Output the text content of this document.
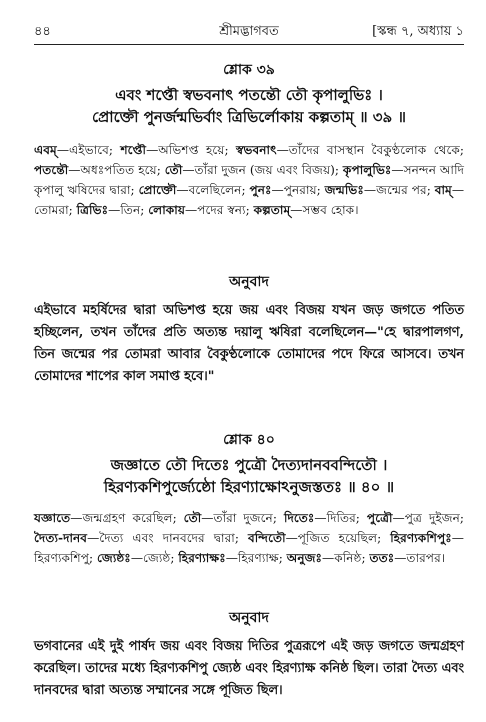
৪৪	শ্রীমদ্ভাগবত	[স্কন্ধ ৭, অধ্যায় ১
শ্লোক ৩৯
এবং শপ্তৌ স্বভবনাৎ পতন্তৌ তৌ কৃপালুভিঃ ।
প্রোক্তৌ পুনর্জন্মভির্বাং ত্রিভির্লোকায় কল্পতাম্ ॥ ৩৯ ॥
এবম্—এইভাবে; শপ্তৌ—অভিশপ্ত হয়ে; স্বভবনাৎ—তাঁদের বাসস্থান বৈকুণ্ঠলোক থেকে; পতন্তৌ—অধঃপতিত হয়ে; তৌ—তাঁরা দুজন (জয় এবং বিজয়); কৃপালুভিঃ—সনন্দন আদি কৃপালু ঋষিদের দ্বারা; প্রোক্তৌ—বলেছিলেন; পুনঃ—পুনরায়; জন্মভিঃ—জন্মের পর; বাম্—তোমরা; ত্রিভিঃ—তিন; লোকায়—পদের স্বন্য; কল্পতাম্—সম্ভব হোক।
অনুবাদ
এইভাবে মহর্ষিদের দ্বারা অভিশপ্ত হয়ে জয় এবং বিজয় যখন জড় জগতে পতিত হচ্ছিলেন, তখন তাঁদের প্রতি অত্যন্ত দয়ালু ঋষিরা বলেছিলেন—"হে দ্বারপালগণ, তিন জন্মের পর তোমরা আবার বৈকুণ্ঠলোকে তোমাদের পদে ফিরে আসবে। তখন তোমাদের শাপের কাল সমাপ্ত হবে।"
শ্লোক ৪০
জজ্ঞাতে তৌ দিতেঃ পুত্রৌ দৈত্যদানববন্দিতৌ ।
হিরণ্যকশিপুর্জ্যেষ্ঠো হিরণ্যাক্ষোঽনুজস্ততঃ ॥ ৪০ ॥
যজ্ঞাতে—জন্মগ্রহণ করেছিল; তৌ—তাঁরা দুজনে; দিতেঃ—দিতির; পুত্রৌ—পুত্র দুইজন; দৈত্য-দানব—দৈত্য এবং দানবদের দ্বারা; বন্দিতৌ—পূজিত হয়েছিল; হিরণ্যকশিপুঃ—হিরণ্যকশিপু; জ্যেষ্ঠঃ—জ্যেষ্ঠ; হিরণ্যাক্ষঃ—হিরণ্যাক্ষ; অনুজঃ—কনিষ্ঠ; ততঃ—তারপর।
অনুবাদ
ভগবানের এই দুই পার্ষদ জয় এবং বিজয় দিতির পুত্ররূপে এই জড় জগতে জন্মগ্রহণ করেছিল। তাদের মধ্যে হিরণ্যকশিপু জ্যেষ্ঠ এবং হিরণ্যাক্ষ কনিষ্ঠ ছিল। তারা দৈত্য এবং দানবদের দ্বারা অত্যন্ত সম্মানের সঙ্গে পূজিত ছিল।
